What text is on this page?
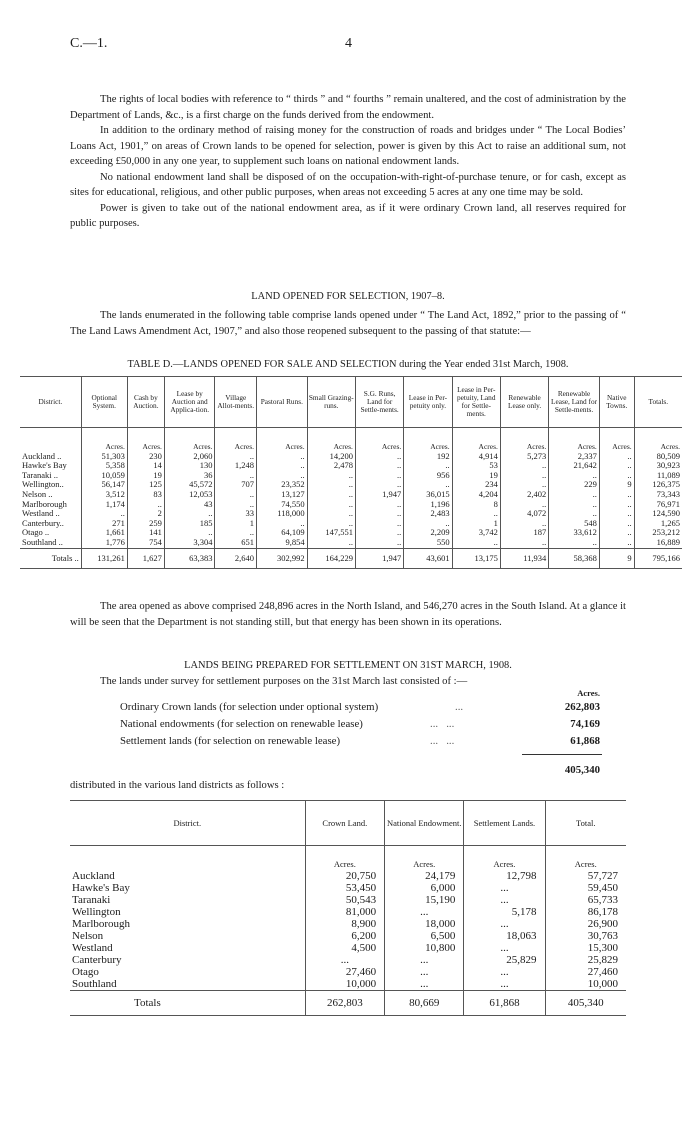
C.—1.	4

The rights of local bodies with reference to “ thirds ” and “ fourths ” remain unaltered, and the cost of administration by the Department of Lands, &c., is a first charge on the funds derived from the endowment.

In addition to the ordinary method of raising money for the construction of roads and bridges under “ The Local Bodies’ Loans Act, 1901,” on areas of Crown lands to be opened for selection, power is given by this Act to raise an additional sum, not exceeding £50,000 in any one year, to supplement such loans on national endowment lands.

No national endowment land shall be disposed of on the occupation-with-right-of-purchase tenure, or for cash, except as sites for educational, religious, and other public purposes, when areas not exceeding 5 acres at any one time may be sold.

Power is given to take out of the national endowment area, as if it were ordinary Crown land, all reserves required for public purposes.

LAND OPENED FOR SELECTION, 1907–8.

The lands enumerated in the following table comprise lands opened under “ The Land Act, 1892,” prior to the passing of “ The Land Laws Amendment Act, 1907,” and also those reopened subsequent to the passing of that statute:—

TABLE D.—LANDS OPENED FOR SALE AND SELECTION during the Year ended 31st March, 1908.
District.	Optional System.	Cash by Auction.	Lease by Auction and Applica-tion.	Village Allot-ments.	Pastoral Runs.	Small Grazing-runs.	S.G. Runs, Land for Settle-ments.	Lease in Per-petuity only.	Lease in Per-petuity, Land for Settle-ments.	Renewable Lease only.	Renewable Lease, Land for Settle-ments.	Native Towns.	Totals.
	Acres.	Acres.	Acres.	Acres.	Acres.	Acres.	Acres.	Acres.	Acres.	Acres.	Acres.	Acres.	Acres.
Auckland ..	51,303	230	2,060	..	..	14,200	..	192	4,914	5,273	2,337	..	80,509
Hawke's Bay	5,358	14	130	1,248	..	2,478	..	..	53	..	21,642	..	30,923
Taranaki ..	10,059	19	36	..	..	..	..	956	19	..	..	..	11,089
Wellington..	56,147	125	45,572	707	23,352	..	..	..	234	..	229	9	126,375
Nelson ..	3,512	83	12,053	..	13,127	..	1,947	36,015	4,204	2,402	..	..	73,343
Marlborough	1,174	..	43	..	74,550	..	..	1,196	8	..	..	..	76,971
Westland ..	..	2	..	33	118,000	..	..	2,483	..	4,072	..	..	124,590
Canterbury..	271	259	185	1	..	..	..	..	1	..	548	..	1,265
Otago ..	1,661	141	..	..	64,109	147,551	..	2,209	3,742	187	33,612	..	253,212
Southland ..	1,776	754	3,304	651	9,854	..	..	550	..	..	..	..	16,889
Totals ..	131,261	1,627	63,383	2,640	302,992	164,229	1,947	43,601	13,175	11,934	58,368	9	795,166

The area opened as above comprised 248,896 acres in the North Island, and 546,270 acres in the South Island. At a glance it will be seen that the Department is not standing still, but that energy has been shown in its operations.

LANDS BEING PREPARED FOR SETTLEMENT ON 31ST MARCH, 1908.

The lands under survey for settlement purposes on the 31st March last consisted of :—

Acres.
Ordinary Crown lands (for selection under optional system)	...	262,803
National endowments (for selection on renewable lease)	...   ...	74,169
Settlement lands (for selection on renewable lease)	...   ...	61,868
405,340
distributed in the various land districts as follows :
District.	Crown Land.	National Endowment.	Settlement Lands.	Total.
	Acres.	Acres.	Acres.	Acres.
Auckland	20,750	24,179	12,798	57,727
Hawke's Bay	53,450	6,000	...	59,450
Taranaki	50,543	15,190	...	65,733
Wellington	81,000	...	5,178	86,178
Marlborough	8,900	18,000	...	26,900
Nelson	6,200	6,500	18,063	30,763
Westland	4,500	10,800	...	15,300
Canterbury	...	...	25,829	25,829
Otago	27,460	...	...	27,460
Southland	10,000	...	...	10,000
Totals	262,803	80,669	61,868	405,340
